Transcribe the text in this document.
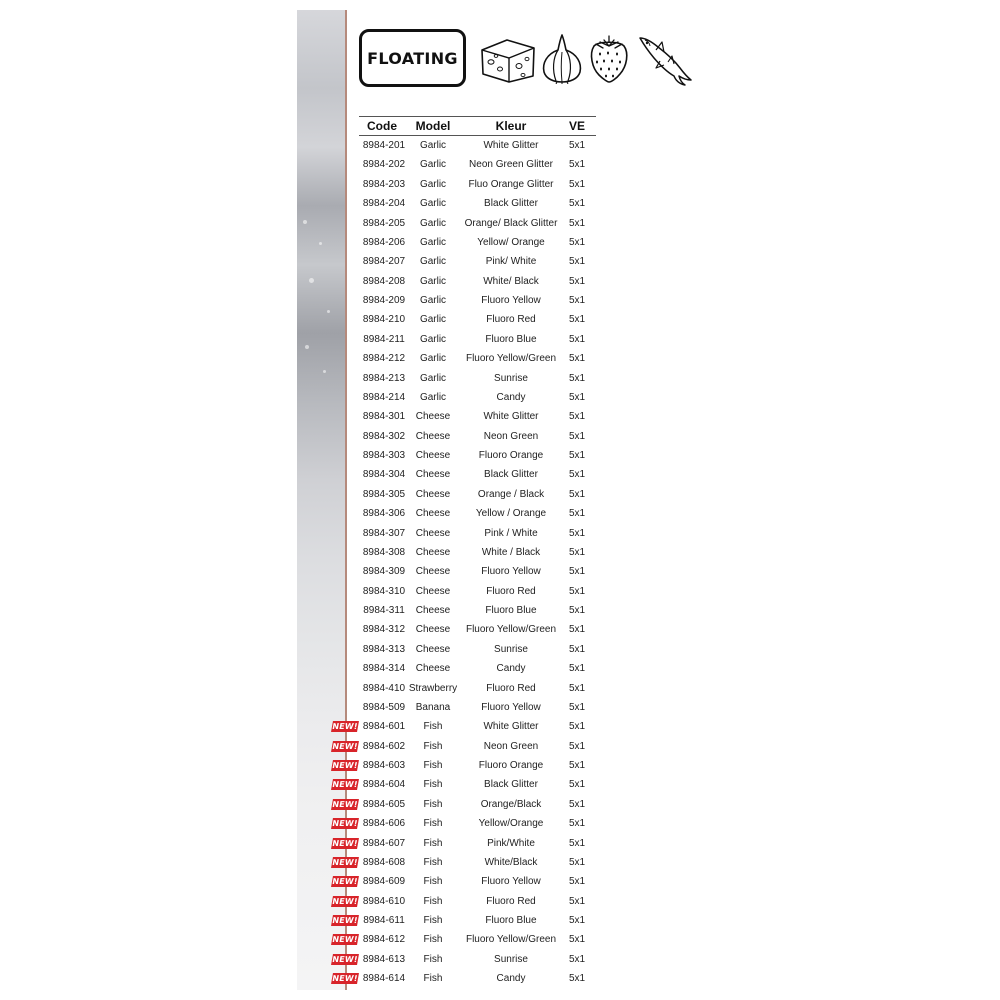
FLOATING
Code	Model	Kleur	VE
8984-201	Garlic	White Glitter	5x1
8984-202	Garlic	Neon Green Glitter	5x1
8984-203	Garlic	Fluo Orange Glitter	5x1
8984-204	Garlic	Black Glitter	5x1
8984-205	Garlic	Orange/ Black Glitter	5x1
8984-206	Garlic	Yellow/ Orange	5x1
8984-207	Garlic	Pink/ White	5x1
8984-208	Garlic	White/ Black	5x1
8984-209	Garlic	Fluoro Yellow	5x1
8984-210	Garlic	Fluoro Red	5x1
8984-211	Garlic	Fluoro Blue	5x1
8984-212	Garlic	Fluoro Yellow/Green	5x1
8984-213	Garlic	Sunrise	5x1
8984-214	Garlic	Candy	5x1
8984-301	Cheese	White Glitter	5x1
8984-302	Cheese	Neon Green	5x1
8984-303	Cheese	Fluoro Orange	5x1
8984-304	Cheese	Black Glitter	5x1
8984-305	Cheese	Orange / Black	5x1
8984-306	Cheese	Yellow / Orange	5x1
8984-307	Cheese	Pink / White	5x1
8984-308	Cheese	White / Black	5x1
8984-309	Cheese	Fluoro Yellow	5x1
8984-310	Cheese	Fluoro Red	5x1
8984-311	Cheese	Fluoro Blue	5x1
8984-312	Cheese	Fluoro Yellow/Green	5x1
8984-313	Cheese	Sunrise	5x1
8984-314	Cheese	Candy	5x1
8984-410 Strawberry	Fluoro Red	5x1
8984-509	Banana	Fluoro Yellow	5x1
NEW! 8984-601	Fish	White Glitter	5x1
NEW! 8984-602	Fish	Neon Green	5x1
NEW! 8984-603	Fish	Fluoro Orange	5x1
NEW! 8984-604	Fish	Black Glitter	5x1
NEW! 8984-605	Fish	Orange/Black	5x1
NEW! 8984-606	Fish	Yellow/Orange	5x1
NEW! 8984-607	Fish	Pink/White	5x1
NEW! 8984-608	Fish	White/Black	5x1
NEW! 8984-609	Fish	Fluoro Yellow	5x1
NEW! 8984-610	Fish	Fluoro Red	5x1
NEW! 8984-611	Fish	Fluoro Blue	5x1
NEW! 8984-612	Fish	Fluoro Yellow/Green	5x1
NEW! 8984-613	Fish	Sunrise	5x1
NEW! 8984-614	Fish	Candy	5x1
